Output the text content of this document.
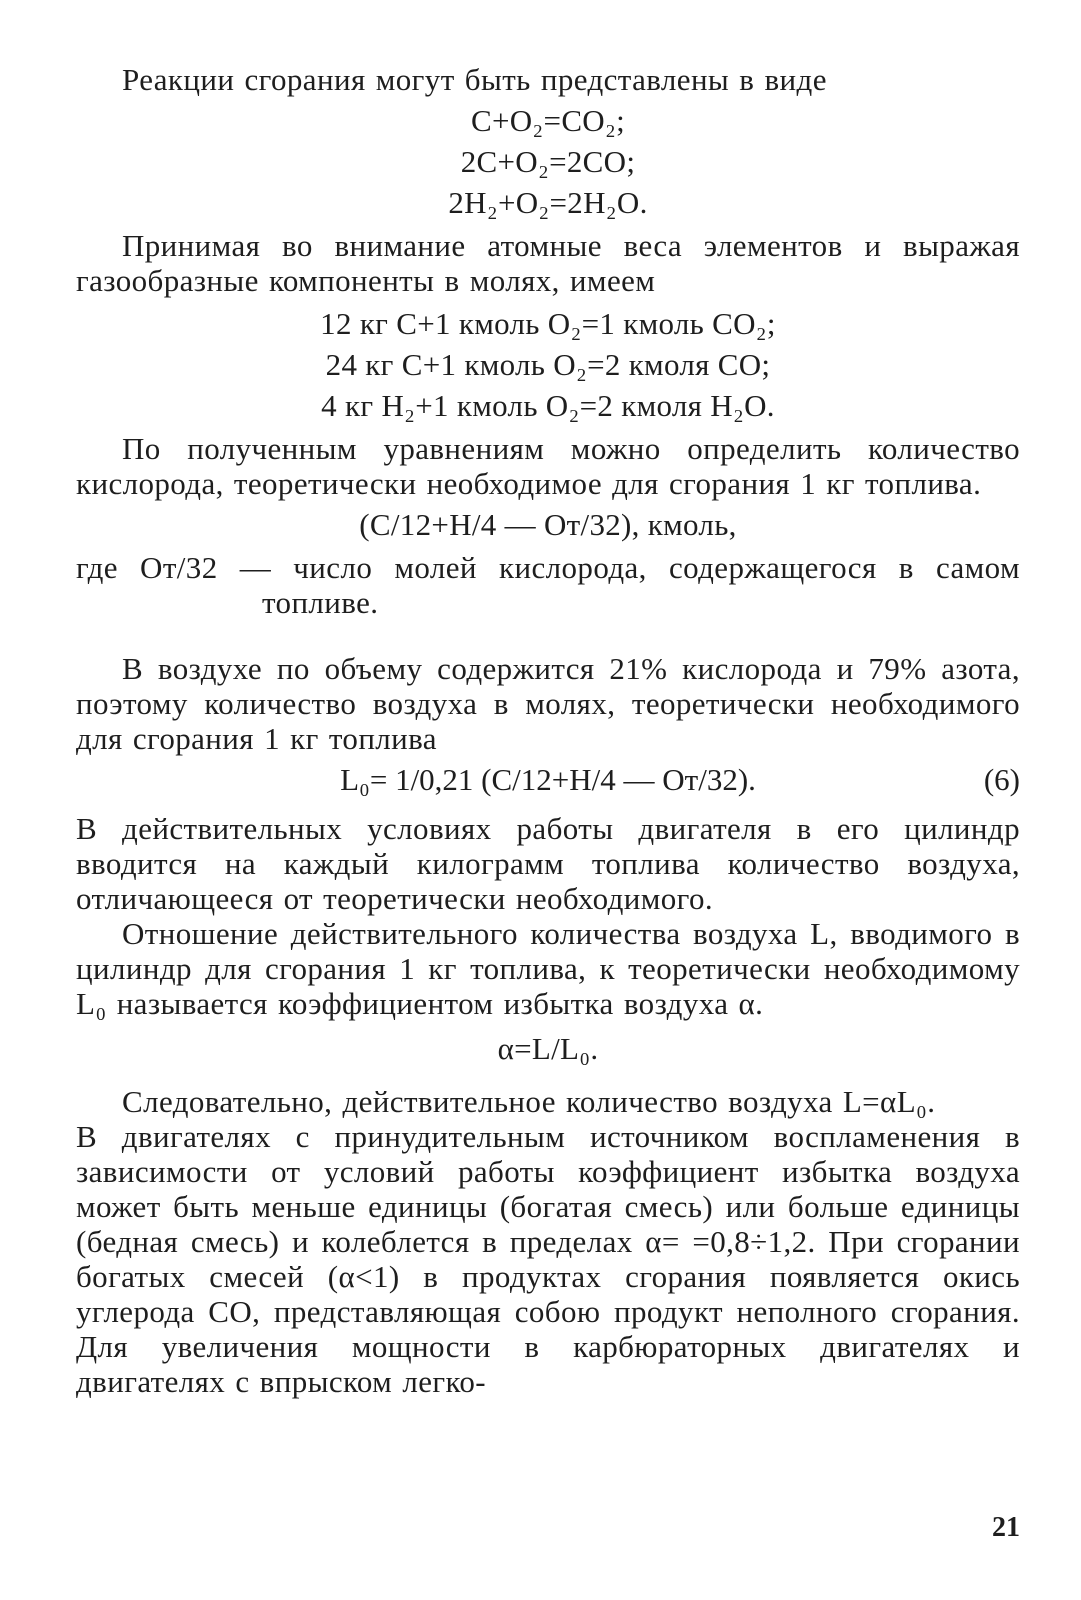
Реакции сгорания могут быть представлены в виде

C+O₂=CO₂;
2C+O₂=2CO;
2H₂+O₂=2H₂O.

Принимая во внимание атомные веса элементов и выражая газообразные компоненты в молях, имеем

12 кг C+1 кмоль O₂=1 кмоль CO₂;
24 кг C+1 кмоль O₂=2 кмоля CO;
4 кг H₂+1 кмоль O₂=2 кмоля H₂O.

По полученным уравнениям можно определить количество кислорода, теоретически необходимое для сгорания 1 кг топлива.

(C/12+H/4 — Oт/32), кмоль,

где Oт/32 — число молей кислорода, содержащегося в самом топливе.

В воздухе по объему содержится 21% кислорода и 79% азота, поэтому количество воздуха в молях, теоретически необходимого для сгорания 1 кг топлива

L₀= 1/0,21 (C/12+H/4 — Oт/32).	(6)

В действительных условиях работы двигателя в его цилиндр вводится на каждый килограмм топлива количество воздуха, отличающееся от теоретически необходимого.

Отношение действительного количества воздуха L, вводимого в цилиндр для сгорания 1 кг топлива, к теоретически необходимому L₀ называется коэффициентом избытка воздуха α.

α=L/L₀.

Следовательно, действительное количество воздуха L=αL₀.

В двигателях с принудительным источником воспламенения в зависимости от условий работы коэффициент избытка воздуха может быть меньше единицы (богатая смесь) или больше единицы (бедная смесь) и колеблется в пределах α= =0,8÷1,2. При сгорании богатых смесей (α<1) в продуктах сгорания появляется окись углерода CO, представляющая собою продукт неполного сгорания. Для увеличения мощности в карбюраторных двигателях и двигателях с впрыском легко-

21
